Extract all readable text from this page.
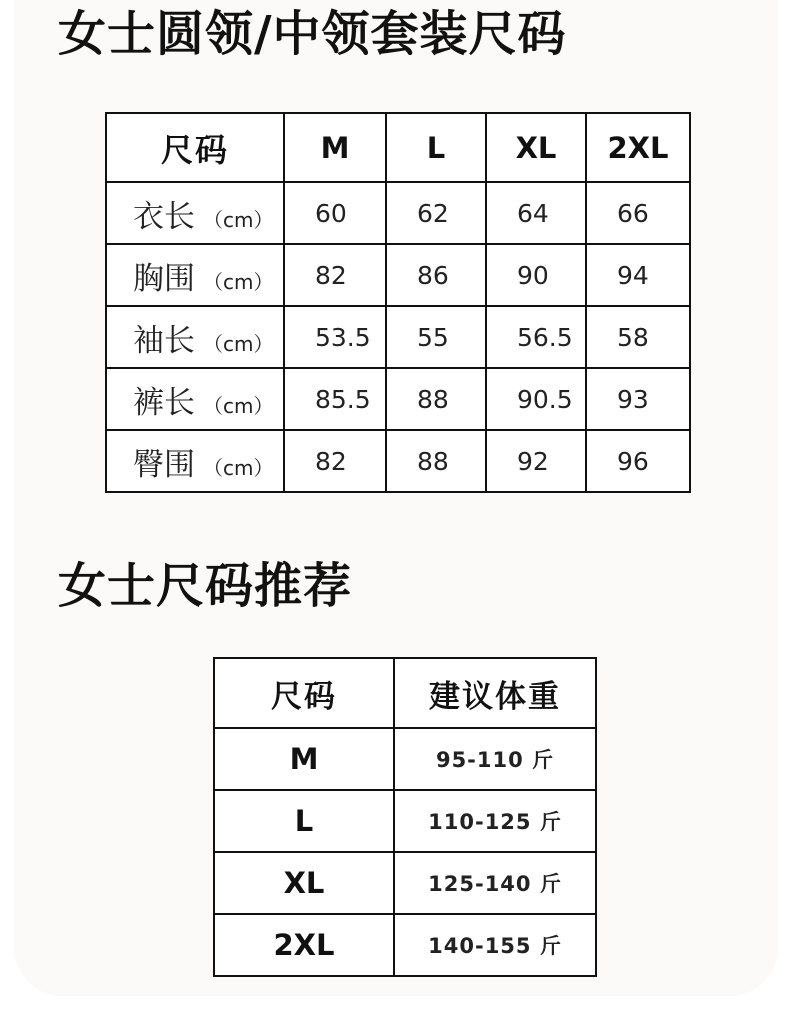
女士圆领/中领套装尺码
尺码	M	L	XL	2XL
衣长 （cm）	60	62	64	66
胸围 （cm）	82	86	90	94
袖长 （cm）	53.5	55	56.5	58
裤长 （cm）	85.5	88	90.5	93
臀围 （cm）	82	88	92	96
女士尺码推荐
尺码	建议体重
M	95-110 斤
L	110-125 斤
XL	125-140 斤
2XL	140-155 斤
